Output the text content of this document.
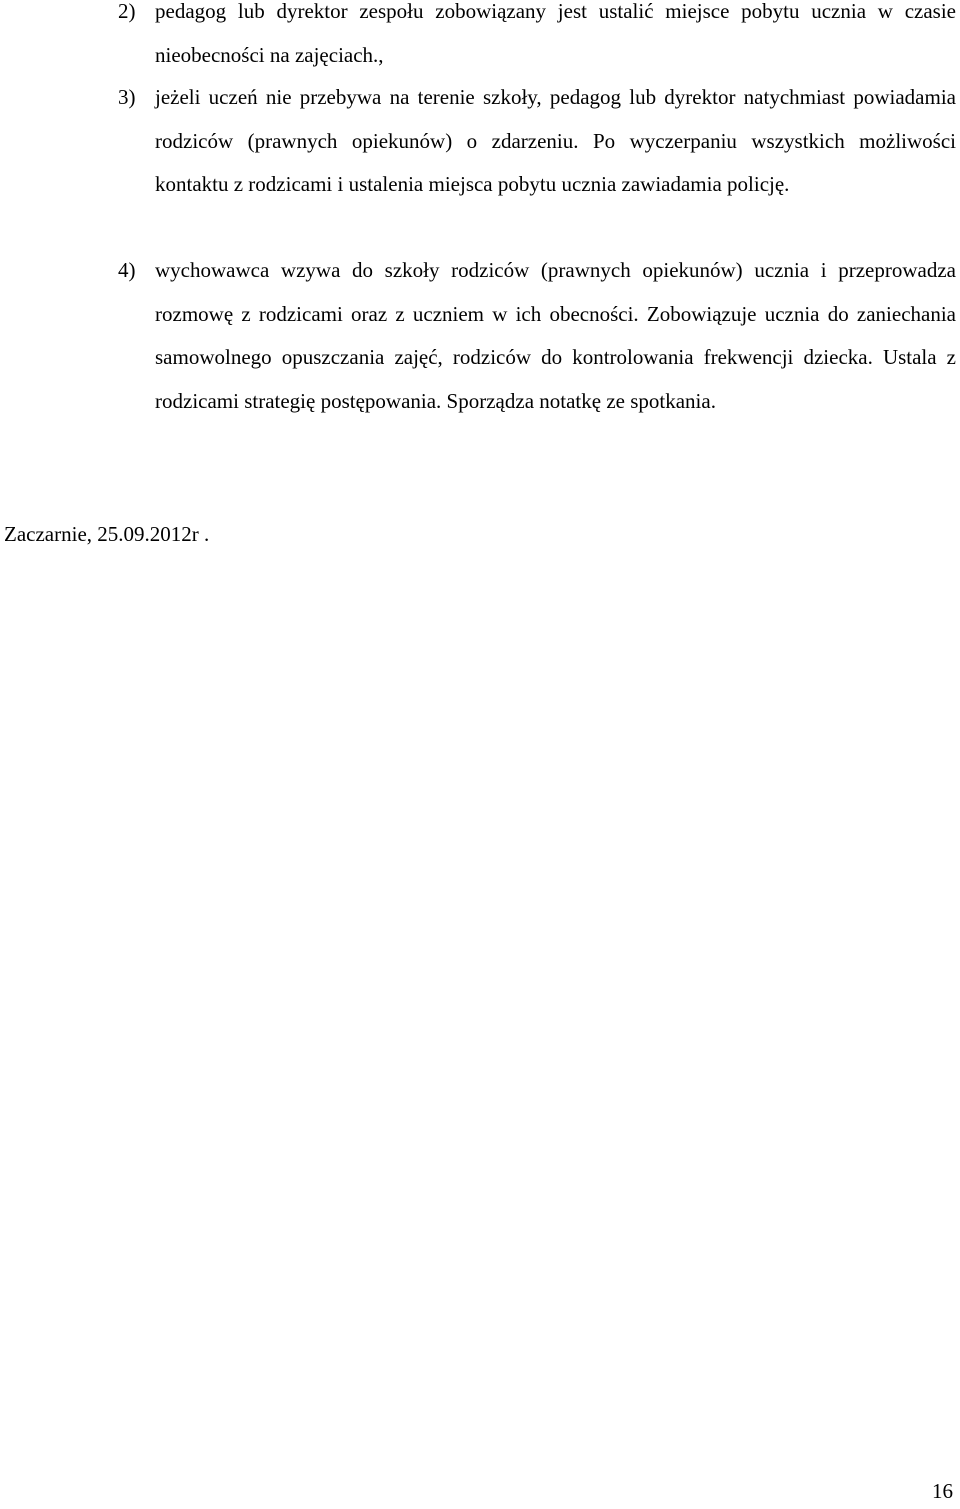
2) pedagog lub dyrektor zespołu zobowiązany jest ustalić miejsce pobytu ucznia w czasie nieobecności na zajęciach.,
3) jeżeli uczeń nie przebywa na terenie szkoły, pedagog lub dyrektor natychmiast powiadamia rodziców (prawnych opiekunów) o zdarzeniu. Po wyczerpaniu wszystkich możliwości kontaktu z rodzicami i ustalenia miejsca pobytu ucznia zawiadamia policję.
4) wychowawca wzywa do szkoły rodziców (prawnych opiekunów) ucznia i przeprowadza rozmowę z rodzicami oraz z uczniem w ich obecności. Zobowiązuje ucznia do zaniechania samowolnego opuszczania zajęć, rodziców do kontrolowania frekwencji dziecka. Ustala z rodzicami strategię postępowania. Sporządza notatkę ze spotkania.
Zaczarnie, 25.09.2012r .
16
